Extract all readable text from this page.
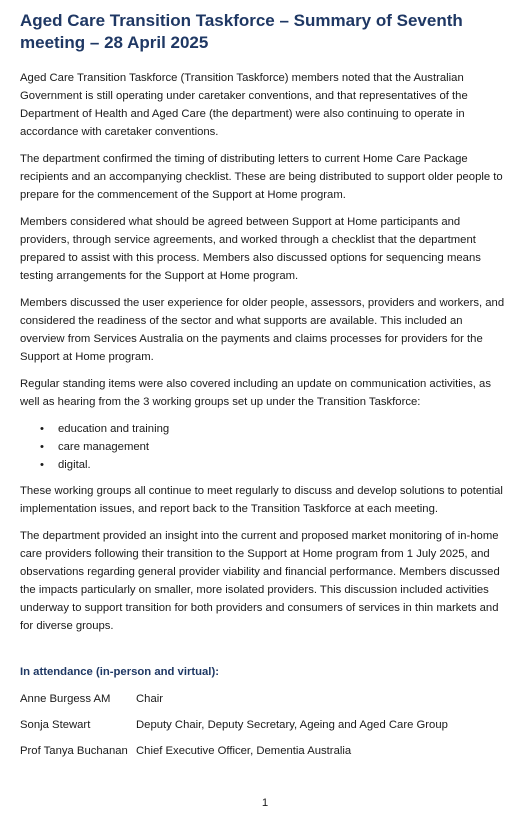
Aged Care Transition Taskforce – Summary of Seventh meeting – 28 April 2025

Aged Care Transition Taskforce (Transition Taskforce) members noted that the Australian Government is still operating under caretaker conventions, and that representatives of the Department of Health and Aged Care (the department) were also continuing to operate in accordance with caretaker conventions.

The department confirmed the timing of distributing letters to current Home Care Package recipients and an accompanying checklist. These are being distributed to support older people to prepare for the commencement of the Support at Home program.

Members considered what should be agreed between Support at Home participants and providers, through service agreements, and worked through a checklist that the department prepared to assist with this process. Members also discussed options for sequencing means testing arrangements for the Support at Home program.

Members discussed the user experience for older people, assessors, providers and workers, and considered the readiness of the sector and what supports are available. This included an overview from Services Australia on the payments and claims processes for providers for the Support at Home program.

Regular standing items were also covered including an update on communication activities, as well as hearing from the 3 working groups set up under the Transition Taskforce:

• education and training
• care management
• digital.

These working groups all continue to meet regularly to discuss and develop solutions to potential implementation issues, and report back to the Transition Taskforce at each meeting.

The department provided an insight into the current and proposed market monitoring of in-home care providers following their transition to the Support at Home program from 1 July 2025, and observations regarding general provider viability and financial performance. Members discussed the impacts particularly on smaller, more isolated providers. This discussion included activities underway to support transition for both providers and consumers of services in thin markets and for diverse groups.

In attendance (in-person and virtual):
Anne Burgess AM	Chair
Sonja Stewart	Deputy Chair, Deputy Secretary, Ageing and Aged Care Group
Prof Tanya Buchanan Chief Executive Officer, Dementia Australia
1
